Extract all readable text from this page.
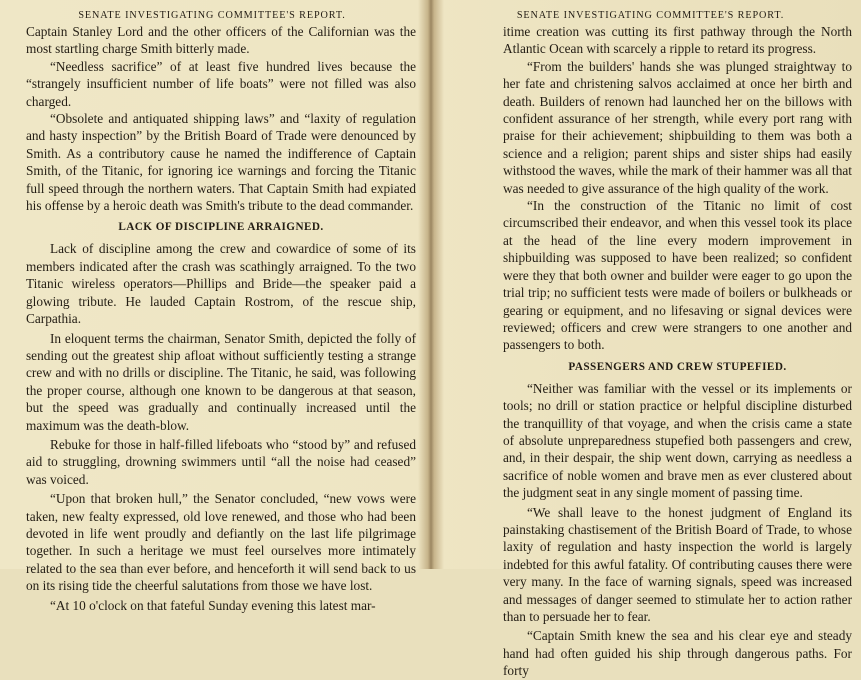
SENATE INVESTIGATING COMMITTEE'S REPORT.

Captain Stanley Lord and the other officers of the Californian was the most startling charge Smith bitterly made.

“Needless sacrifice” of at least five hundred lives because the “strangely insufficient number of life boats” were not filled was also charged.

“Obsolete and antiquated shipping laws” and “laxity of regulation and hasty inspection” by the British Board of Trade were denounced by Smith. As a contributory cause he named the indifference of Captain Smith, of the Titanic, for ignoring ice warnings and forcing the Titanic full speed through the northern waters. That Captain Smith had expiated his offense by a heroic death was Smith's tribute to the dead commander.

LACK OF DISCIPLINE ARRAIGNED.

Lack of discipline among the crew and cowardice of some of its members indicated after the crash was scathingly arraigned. To the two Titanic wireless operators—Phillips and Bride—the speaker paid a glowing tribute. He lauded Captain Rostrom, of the rescue ship, Carpathia.

In eloquent terms the chairman, Senator Smith, depicted the folly of sending out the greatest ship afloat without sufficiently testing a strange crew and with no drills or discipline. The Titanic, he said, was following the proper course, although one known to be dangerous at that season, but the speed was gradually and continually increased until the maximum was the death-blow.

Rebuke for those in half-filled lifeboats who “stood by” and refused aid to struggling, drowning swimmers until “all the noise had ceased” was voiced.

“Upon that broken hull,” the Senator concluded, “new vows were taken, new fealty expressed, old love renewed, and those who had been devoted in life went proudly and defiantly on the last life pilgrimage together. In such a heritage we must feel ourselves more intimately related to the sea than ever before, and henceforth it will send back to us on its rising tide the cheerful salutations from those we have lost.

“At 10 o'clock on that fateful Sunday evening this latest mar-

SENATE INVESTIGATING COMMITTEE'S REPORT.

itime creation was cutting its first pathway through the North Atlantic Ocean with scarcely a ripple to retard its progress.

“From the builders' hands she was plunged straightway to her fate and christening salvos acclaimed at once her birth and death. Builders of renown had launched her on the billows with confident assurance of her strength, while every port rang with praise for their achievement; shipbuilding to them was both a science and a religion; parent ships and sister ships had easily withstood the waves, while the mark of their hammer was all that was needed to give assurance of the high quality of the work.

“In the construction of the Titanic no limit of cost circumscribed their endeavor, and when this vessel took its place at the head of the line every modern improvement in shipbuilding was supposed to have been realized; so confident were they that both owner and builder were eager to go upon the trial trip; no sufficient tests were made of boilers or bulkheads or gearing or equipment, and no lifesaving or signal devices were reviewed; officers and crew were strangers to one another and passengers to both.

PASSENGERS AND CREW STUPEFIED.

“Neither was familiar with the vessel or its implements or tools; no drill or station practice or helpful discipline disturbed the tranquillity of that voyage, and when the crisis came a state of absolute unpreparedness stupefied both passengers and crew, and, in their despair, the ship went down, carrying as needless a sacrifice of noble women and brave men as ever clustered about the judgment seat in any single moment of passing time.

“We shall leave to the honest judgment of England its painstaking chastisement of the British Board of Trade, to whose laxity of regulation and hasty inspection the world is largely indebted for this awful fatality. Of contributing causes there were very many. In the face of warning signals, speed was increased and messages of danger seemed to stimulate her to action rather than to persuade her to fear.

“Captain Smith knew the sea and his clear eye and steady hand had often guided his ship through dangerous paths. For forty
